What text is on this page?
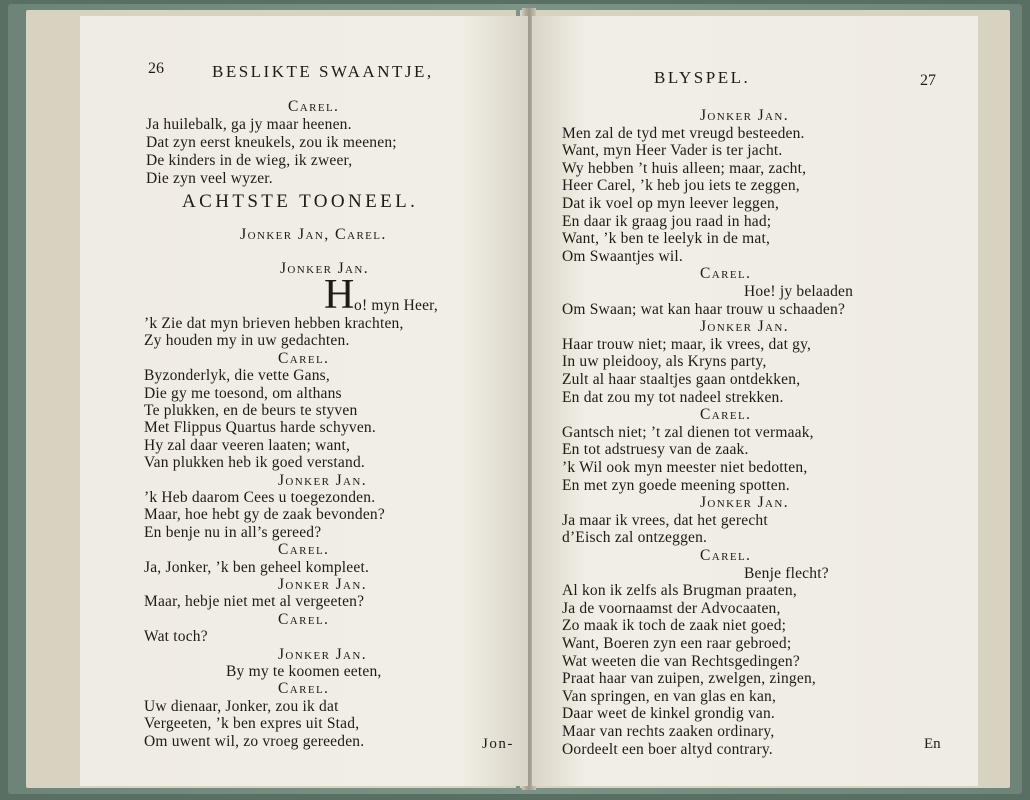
26	BESLIKTE SWAANTJE,
Carel.
Ja huilebalk, ga jy maar heenen.
Dat zyn eerst kneukels, zou ik meenen;
De kinders in de wieg, ik zweer,
Die zyn veel wyzer.
ACHTSTE TOONEEL.
Jonker Jan, Carel.
Jonker Jan.
H o! myn Heer,
’k Zie dat myn brieven hebben krachten,
Zy houden my in uw gedachten.
Carel.
Byzonderlyk, die vette Gans,
Die gy me toesond, om althans
Te plukken, en de beurs te styven
Met Flippus Quartus harde schyven.
Hy zal daar veeren laaten; want,
Van plukken heb ik goed verstand.
Jonker Jan.
’k Heb daarom Cees u toegezonden.
Maar, hoe hebt gy de zaak bevonden?
En benje nu in all’s gereed?
Carel.
Ja, Jonker, ’k ben geheel kompleet.
Jonker Jan.
Maar, hebje niet met al vergeeten?
Carel.
Wat toch?
Jonker Jan.
By my te koomen eeten,
Carel.
Uw dienaar, Jonker, zou ik dat
Vergeeten, ’k ben expres uit Stad,
Om uwent wil, zo vroeg gereeden.	Jon-
BLYSPEL.	27
Jonker Jan.
Men zal de tyd met vreugd besteeden.
Want, myn Heer Vader is ter jacht.
Wy hebben ’t huis alleen; maar, zacht,
Heer Carel, ’k heb jou iets te zeggen,
Dat ik voel op myn leever leggen,
En daar ik graag jou raad in had;
Want, ’k ben te leelyk in de mat,
Om Swaantjes wil.
Carel.
Hoe! jy belaaden
Om Swaan; wat kan haar trouw u schaaden?
Jonker Jan.
Haar trouw niet; maar, ik vrees, dat gy,
In uw pleidooy, als Kryns party,
Zult al haar staaltjes gaan ontdekken,
En dat zou my tot nadeel strekken.
Carel.
Gantsch niet; ’t zal dienen tot vermaak,
En tot adstruesy van de zaak.
’k Wil ook myn meester niet bedotten,
En met zyn goede meening spotten.
Jonker Jan.
Ja maar ik vrees, dat het gerecht
d’Eisch zal ontzeggen.
Carel.
Benje flecht?
Al kon ik zelfs als Brugman praaten,
Ja de voornaamst der Advocaaten,
Zo maak ik toch de zaak niet goed;
Want, Boeren zyn een raar gebroed;
Wat weeten die van Rechtsgedingen?
Praat haar van zuipen, zwelgen, zingen,
Van springen, en van glas en kan,
Daar weet de kinkel grondig van.
Maar van rechts zaaken ordinary,
Oordeelt een boer altyd contrary.	En
